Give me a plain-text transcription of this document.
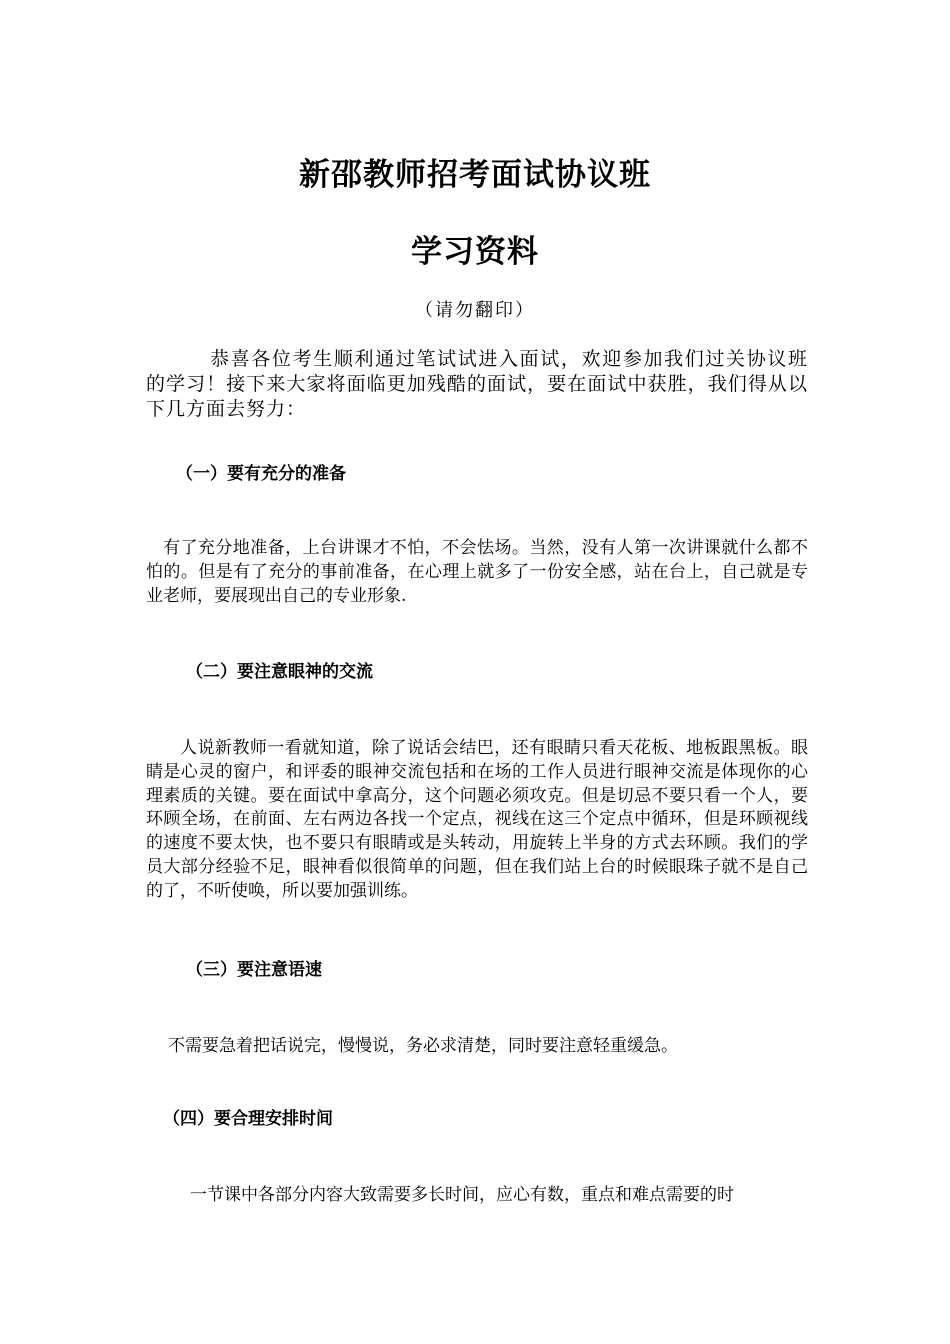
新邵教师招考面试协议班
学习资料
（请勿翻印）

恭喜各位考生顺利通过笔试试进入面试，欢迎参加我们过关协议班的学习！接下来大家将面临更加残酷的面试，要在面试中获胜，我们得从以下几方面去努力：

（一）要有充分的准备

有了充分地准备，上台讲课才不怕，不会怯场。当然，没有人第一次讲课就什么都不怕的。但是有了充分的事前准备，在心理上就多了一份安全感，站在台上，自己就是专业老师，要展现出自己的专业形象.

（二）要注意眼神的交流

人说新教师一看就知道，除了说话会结巴，还有眼睛只看天花板、地板跟黑板。眼睛是心灵的窗户，和评委的眼神交流包括和在场的工作人员进行眼神交流是体现你的心理素质的关键。要在面试中拿高分，这个问题必须攻克。但是切忌不要只看一个人，要环顾全场，在前面、左右两边各找一个定点，视线在这三个定点中循环，但是环顾视线的速度不要太快，也不要只有眼睛或是头转动，用旋转上半身的方式去环顾。我们的学员大部分经验不足，眼神看似很简单的问题，但在我们站上台的时候眼珠子就不是自己的了，不听使唤，所以要加强训练。

（三）要注意语速

不需要急着把话说完，慢慢说，务必求清楚，同时要注意轻重缓急。

（四）要合理安排时间

一节课中各部分内容大致需要多长时间，应心有数，重点和难点需要的时
